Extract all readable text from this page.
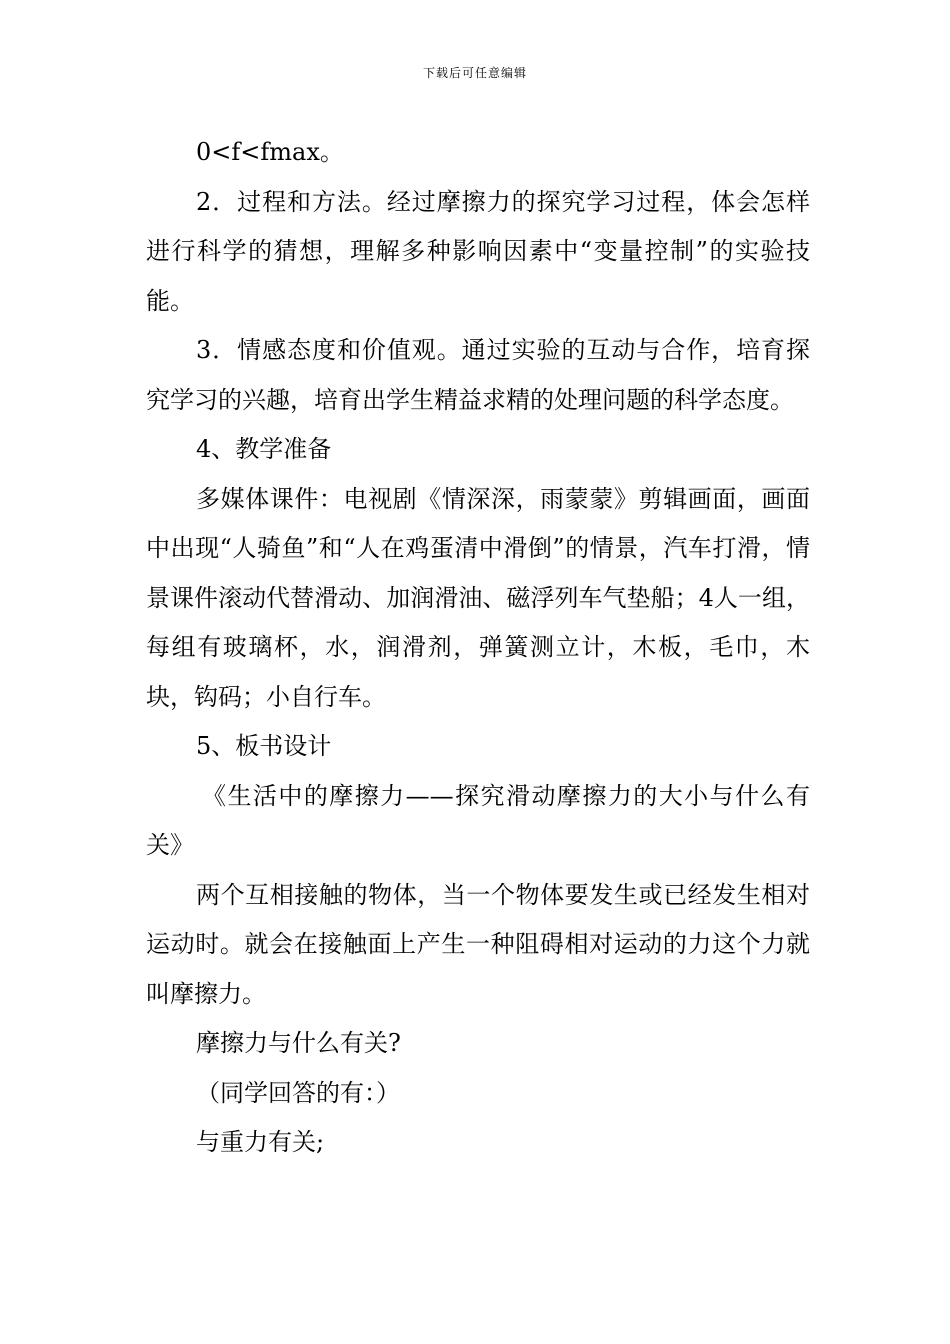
下载后可任意编辑

0<f<fmax。

2．过程和方法。经过摩擦力的探究学习过程，体会怎样进行科学的猜想，理解多种影响因素中“变量控制”的实验技能。

3．情感态度和价值观。通过实验的互动与合作，培育探究学习的兴趣，培育出学生精益求精的处理问题的科学态度。

4、教学准备

多媒体课件：电视剧《情深深，雨蒙蒙》剪辑画面，画面中出现“人骑鱼”和“人在鸡蛋清中滑倒”的情景，汽车打滑，情景课件滚动代替滑动、加润滑油、磁浮列车气垫船；4人一组，每组有玻璃杯，水，润滑剂，弹簧测立计，木板，毛巾，木块，钩码；小自行车。

5、板书设计

《生活中的摩擦力——探究滑动摩擦力的大小与什么有关》

两个互相接触的物体，当一个物体要发生或已经发生相对运动时。就会在接触面上产生一种阻碍相对运动的力这个力就叫摩擦力。

摩擦力与什么有关?

（同学回答的有：）

与重力有关;
